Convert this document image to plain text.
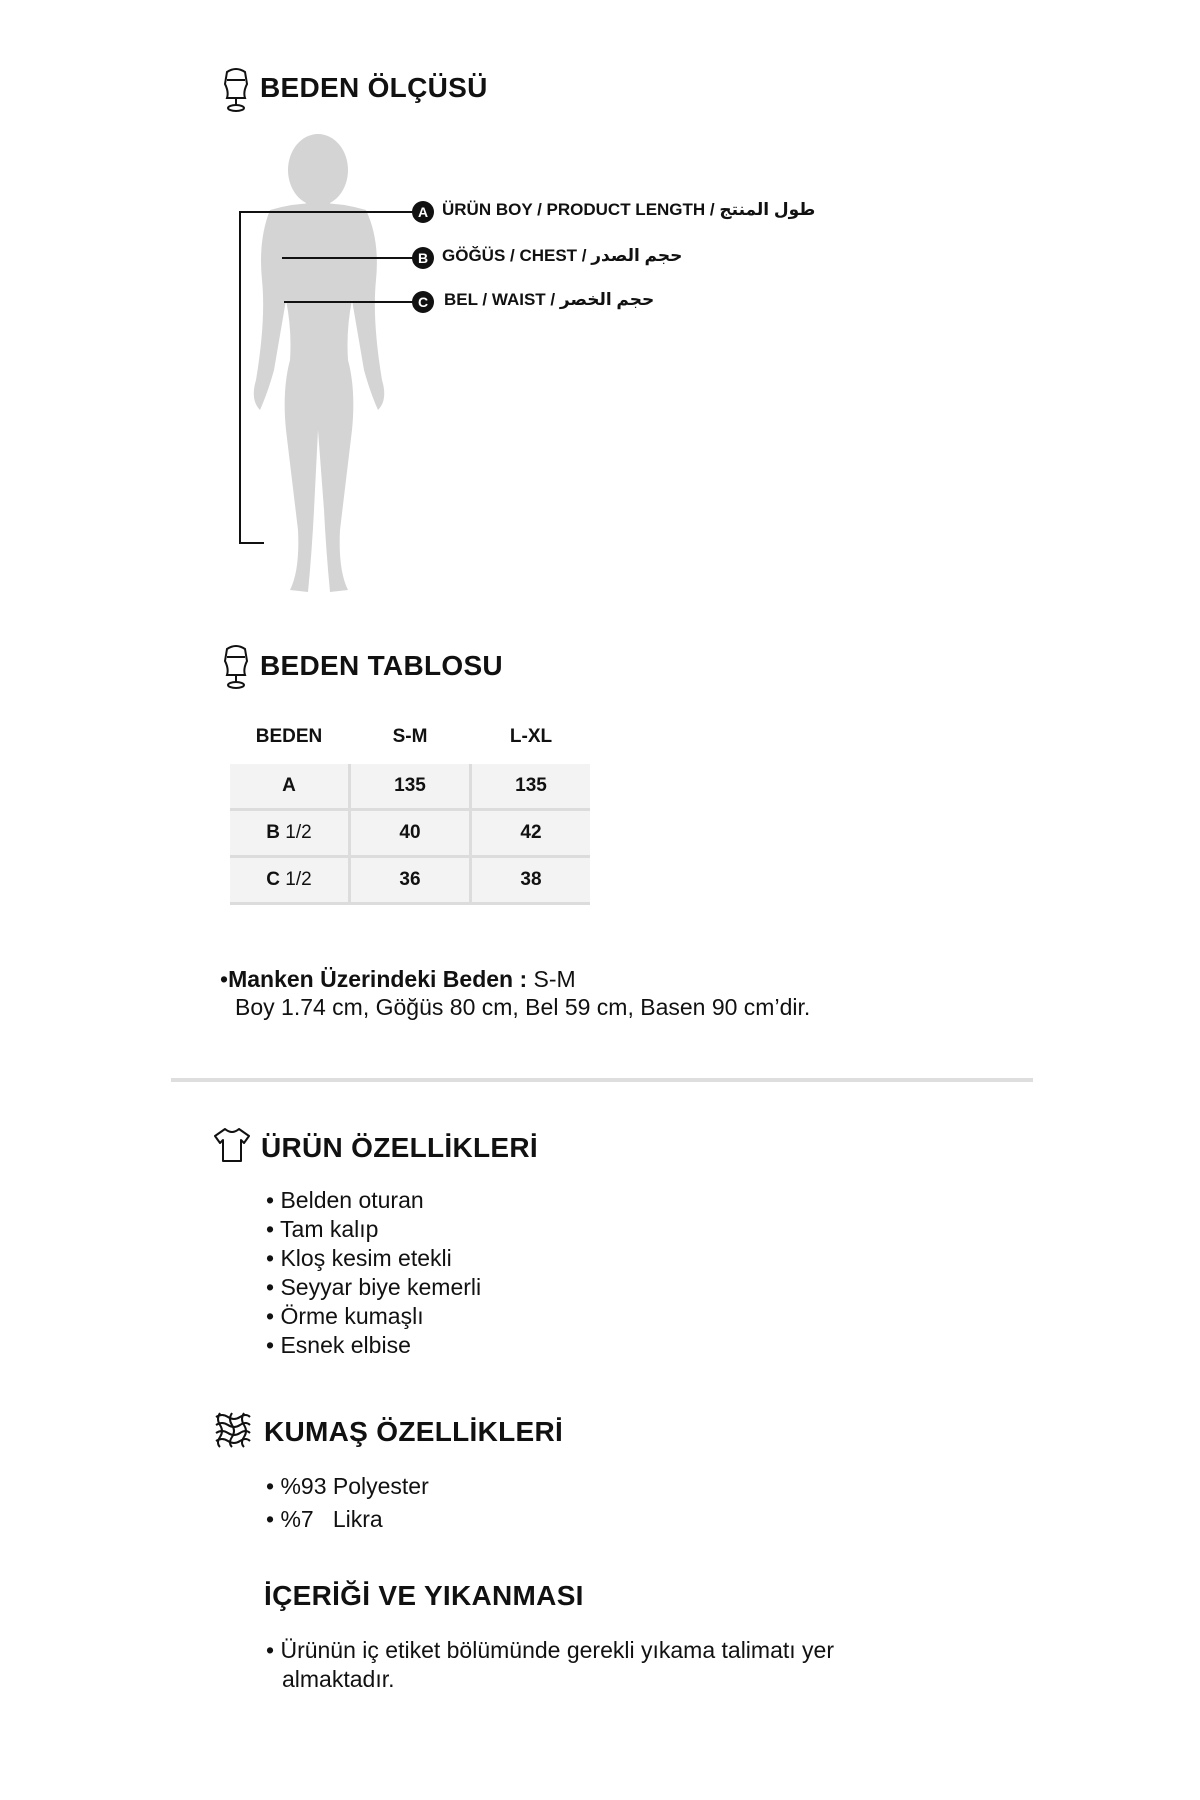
BEDEN ÖLÇÜSÜ
A ÜRÜN BOY / PRODUCT LENGTH / طول المنتج
B GÖĞÜS / CHEST / حجم الصدر
C BEL / WAIST / حجم الخصر
BEDEN TABLOSU
BEDEN	S-M	L-XL
A	135	135
B 1/2	40	42
C 1/2	36	38
•Manken Üzerindeki Beden : S-M
Boy 1.74 cm, Göğüs 80 cm, Bel 59 cm, Basen 90 cm’dir.
ÜRÜN ÖZELLİKLERİ
• Belden oturan
• Tam kalıp
• Kloş kesim etekli
• Seyyar biye kemerli
• Örme kumaşlı
• Esnek elbise
KUMAŞ ÖZELLİKLERİ
• %93 Polyester
• %7   Likra
İÇERİĞİ VE YIKANMASI
• Ürünün iç etiket bölümünde gerekli yıkama talimatı yer
almaktadır.
